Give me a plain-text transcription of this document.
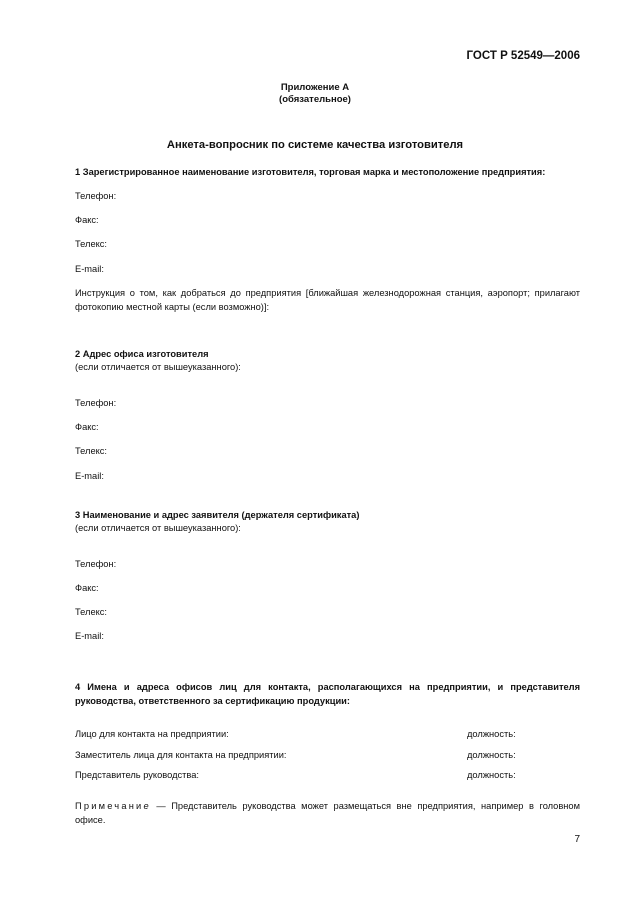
ГОСТ Р 52549—2006
Приложение А
(обязательное)
Анкета-вопросник по системе качества изготовителя
1 Зарегистрированное наименование изготовителя, торговая марка и местоположение предприятия:
Телефон:
Факс:
Телекс:
E-mail:
Инструкция о том, как добраться до предприятия [ближайшая железнодорожная станция, аэропорт; прилагают фотокопию местной карты (если возможно)]:
2 Адрес офиса изготовителя
(если отличается от вышеуказанного):
Телефон:
Факс:
Телекс:
E-mail:
3 Наименование и адрес заявителя (держателя сертификата)
(если отличается от вышеуказанного):
Телефон:
Факс:
Телекс:
E-mail:
4 Имена и адреса офисов лиц для контакта, располагающихся на предприятии, и представителя руководства, ответственного за сертификацию продукции:
Лицо для контакта на предприятии:	должность:
Заместитель лица для контакта на предприятии:	должность:
Представитель руководства:	должность:
Примечание — Представитель руководства может размещаться вне предприятия, например в головном офисе.
7
